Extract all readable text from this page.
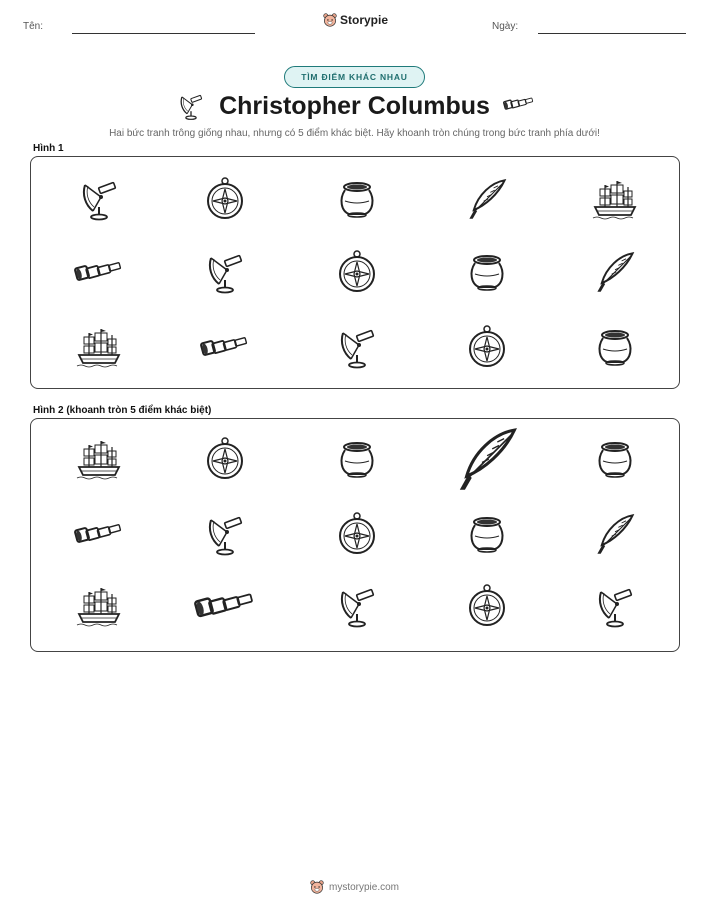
Tên:	Storypie	Ngày:
TÌM ĐIỂM KHÁC NHAU
Christopher Columbus
Hai bức tranh trông giống nhau, nhưng có 5 điểm khác biệt. Hãy khoanh tròn chúng trong bức tranh phía dưới!
Hình 1
Hình 2 (khoanh tròn 5 điểm khác biệt)
mystorypie.com
